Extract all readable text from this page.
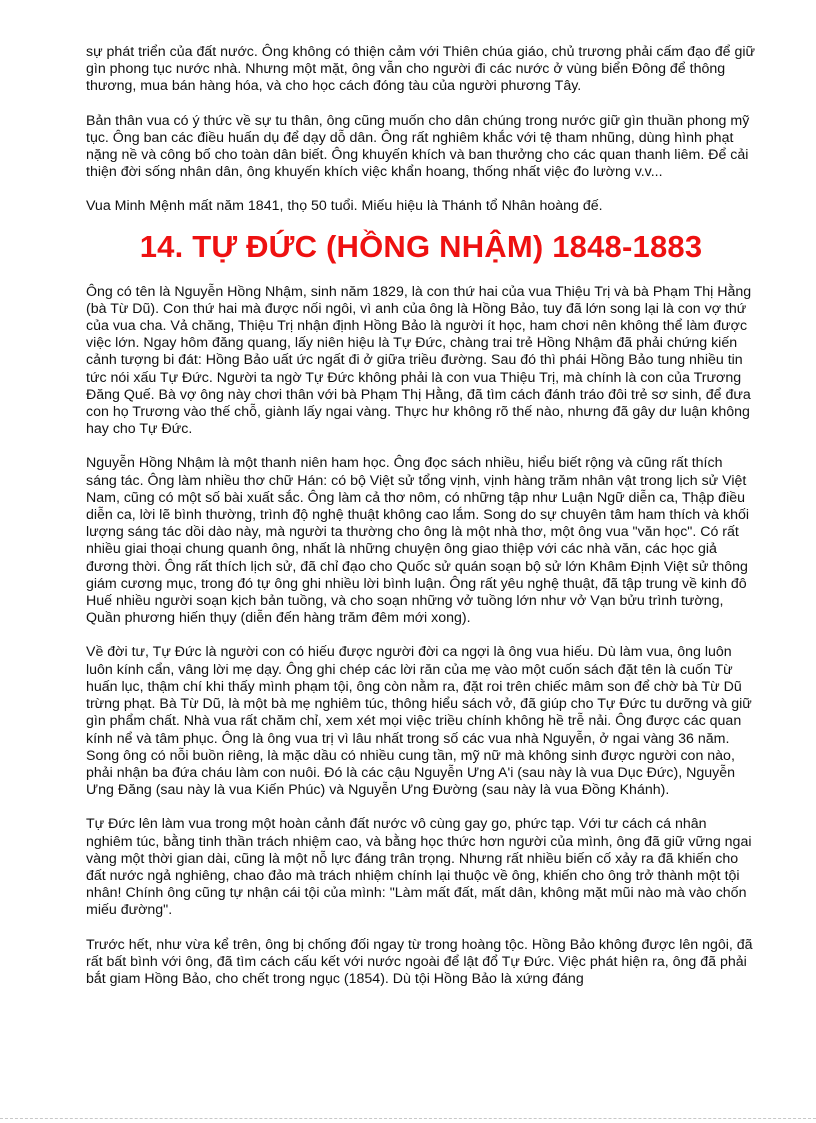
sự phát triển của đất nước. Ông không có thiện cảm với Thiên chúa giáo, chủ trương phải cấm đạo để giữ gìn phong tục nước nhà. Nhưng một mặt, ông vẫn cho người đi các nước ở vùng biển Đông để thông thương, mua bán hàng hóa, và cho học cách đóng tàu của người phương Tây.

Bản thân vua có ý thức về sự tu thân, ông cũng muốn cho dân chúng trong nước giữ gìn thuần phong mỹ tục. Ông ban các điều huấn dụ để dạy dỗ dân. Ông rất nghiêm khắc với tệ tham nhũng, dùng hình phạt nặng nề và công bố cho toàn dân biết. Ông khuyến khích và ban thưởng cho các quan thanh liêm. Để cải thiện đời sống nhân dân, ông khuyến khích việc khẩn hoang, thống nhất việc đo lường v.v...

Vua Minh Mệnh mất năm 1841, thọ 50 tuổi. Miếu hiệu là Thánh tổ Nhân hoàng đế.

14. TỰ ĐỨC (HỒNG NHẬM) 1848-1883

Ông có tên là Nguyễn Hồng Nhậm, sinh năm 1829, là con thứ hai của vua Thiệu Trị và bà Phạm Thị Hằng (bà Từ Dũ). Con thứ hai mà được nối ngôi, vì anh của ông là Hồng Bảo, tuy đã lớn song lại là con vợ thứ của vua cha. Vả chăng, Thiệu Trị nhận định Hồng Bảo là người ít học, ham chơi nên không thể làm được việc lớn. Ngay hôm đăng quang, lấy niên hiệu là Tự Đức, chàng trai trẻ Hồng Nhậm đã phải chứng kiến cảnh tượng bi đát: Hồng Bảo uất ức ngất đi ở giữa triều đường. Sau đó thì phái Hồng Bảo tung nhiều tin tức nói xấu Tự Đức. Người ta ngờ Tự Đức không phải là con vua Thiệu Trị, mà chính là con của Trương Đăng Quế. Bà vợ ông này chơi thân với bà Phạm Thị Hằng, đã tìm cách đánh tráo đôi trẻ sơ sinh, để đưa con họ Trương vào thế chỗ, giành lấy ngai vàng. Thực hư không rõ thế nào, nhưng đã gây dư luận không hay cho Tự Đức.

Nguyễn Hồng Nhậm là một thanh niên ham học. Ông đọc sách nhiều, hiểu biết rộng và cũng rất thích sáng tác. Ông làm nhiều thơ chữ Hán: có bộ Việt sử tổng vịnh, vịnh hàng trăm nhân vật trong lịch sử Việt Nam, cũng có một số bài xuất sắc. Ông làm cả thơ nôm, có những tập như Luận Ngữ diễn ca, Thập điều diễn ca, lời lẽ bình thường, trình độ nghệ thuật không cao lắm. Song do sự chuyên tâm ham thích và khối lượng sáng tác dồi dào này, mà người ta thường cho ông là một nhà thơ, một ông vua "văn học". Có rất nhiều giai thoại chung quanh ông, nhất là những chuyện ông giao thiệp với các nhà văn, các học giả đương thời. Ông rất thích lịch sử, đã chỉ đạo cho Quốc sử quán soạn bộ sử lớn Khâm Định Việt sử thông giám cương mục, trong đó tự ông ghi nhiều lời bình luận. Ông rất yêu nghệ thuật, đã tập trung về kinh đô Huế nhiều người soạn kịch bản tuồng, và cho soạn những vở tuồng lớn như vở Vạn bửu trình tường, Quần phương hiến thụy (diễn đến hàng trăm đêm mới xong).

Về đời tư, Tự Đức là người con có hiếu được người đời ca ngợi là ông vua hiếu. Dù làm vua, ông luôn luôn kính cẩn, vâng lời mẹ dạy. Ông ghi chép các lời răn của mẹ vào một cuốn sách đặt tên là cuốn Từ huấn lục, thậm chí khi thấy mình phạm tội, ông còn nằm ra, đặt roi trên chiếc mâm son để chờ bà Từ Dũ trừng phạt. Bà Từ Dũ, là một bà mẹ nghiêm túc, thông hiểu sách vở, đã giúp cho Tự Đức tu dưỡng và giữ gìn phẩm chất. Nhà vua rất chăm chỉ, xem xét mọi việc triều chính không hề trễ nải. Ông được các quan kính nể và tâm phục. Ông là ông vua trị vì lâu nhất trong số các vua nhà Nguyễn, ở ngai vàng 36 năm. Song ông có nỗi buồn riêng, là mặc dầu có nhiều cung tần, mỹ nữ mà không sinh được người con nào, phải nhận ba đứa cháu làm con nuôi. Đó là các cậu Nguyễn Ưng A'i (sau này là vua Dục Đức), Nguyễn Ưng Đăng (sau này là vua Kiến Phúc) và Nguyễn Ưng Đường (sau này là vua Đồng Khánh).

Tự Đức lên làm vua trong một hoàn cảnh đất nước vô cùng gay go, phức tạp. Với tư cách cá nhân nghiêm túc, bằng tinh thần trách nhiệm cao, và bằng học thức hơn người của mình, ông đã giữ vững ngai vàng một thời gian dài, cũng là một nỗ lực đáng trân trọng. Nhưng rất nhiều biến cố xảy ra đã khiến cho đất nước ngả nghiêng, chao đảo mà trách nhiệm chính lại thuộc về ông, khiến cho ông trở thành một tội nhân! Chính ông cũng tự nhận cái tội của mình: "Làm mất đất, mất dân, không mặt mũi nào mà vào chốn miếu đường".

Trước hết, như vừa kể trên, ông bị chống đối ngay từ trong hoàng tộc. Hồng Bảo không được lên ngôi, đã rất bất bình với ông, đã tìm cách cấu kết với nước ngoài để lật đổ Tự Đức. Việc phát hiện ra, ông đã phải bắt giam Hồng Bảo, cho chết trong ngục (1854). Dù tội Hồng Bảo là xứng đáng
